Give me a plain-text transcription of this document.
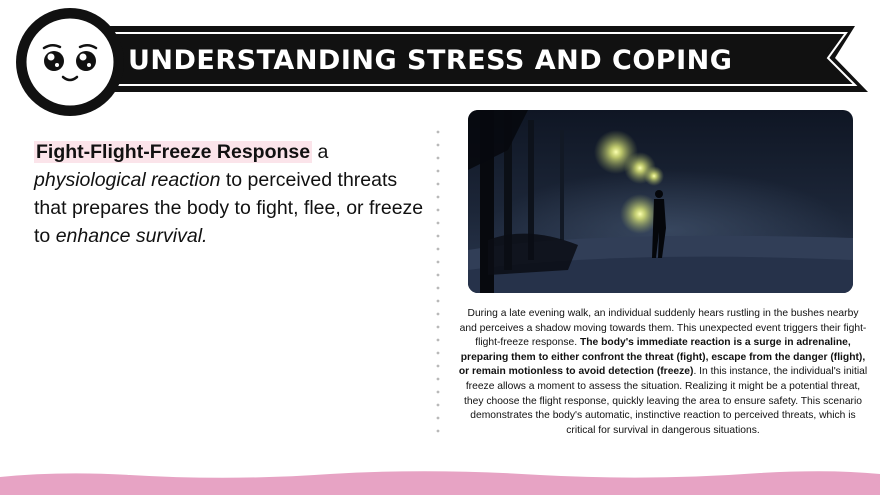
UNDERSTANDING STRESS AND COPING
Fight-Flight-Freeze Response a physiological reaction to perceived threats that prepares the body to fight, flee, or freeze to enhance survival.
During a late evening walk, an individual suddenly hears rustling in the bushes nearby and perceives a shadow moving towards them. This unexpected event triggers their fight-flight-freeze response. The body's immediate reaction is a surge in adrenaline, preparing them to either confront the threat (fight), escape from the danger (flight), or remain motionless to avoid detection (freeze). In this instance, the individual's initial freeze allows a moment to assess the situation. Realizing it might be a potential threat, they choose the flight response, quickly leaving the area to ensure safety. This scenario demonstrates the body's automatic, instinctive reaction to perceived threats, which is critical for survival in dangerous situations.
